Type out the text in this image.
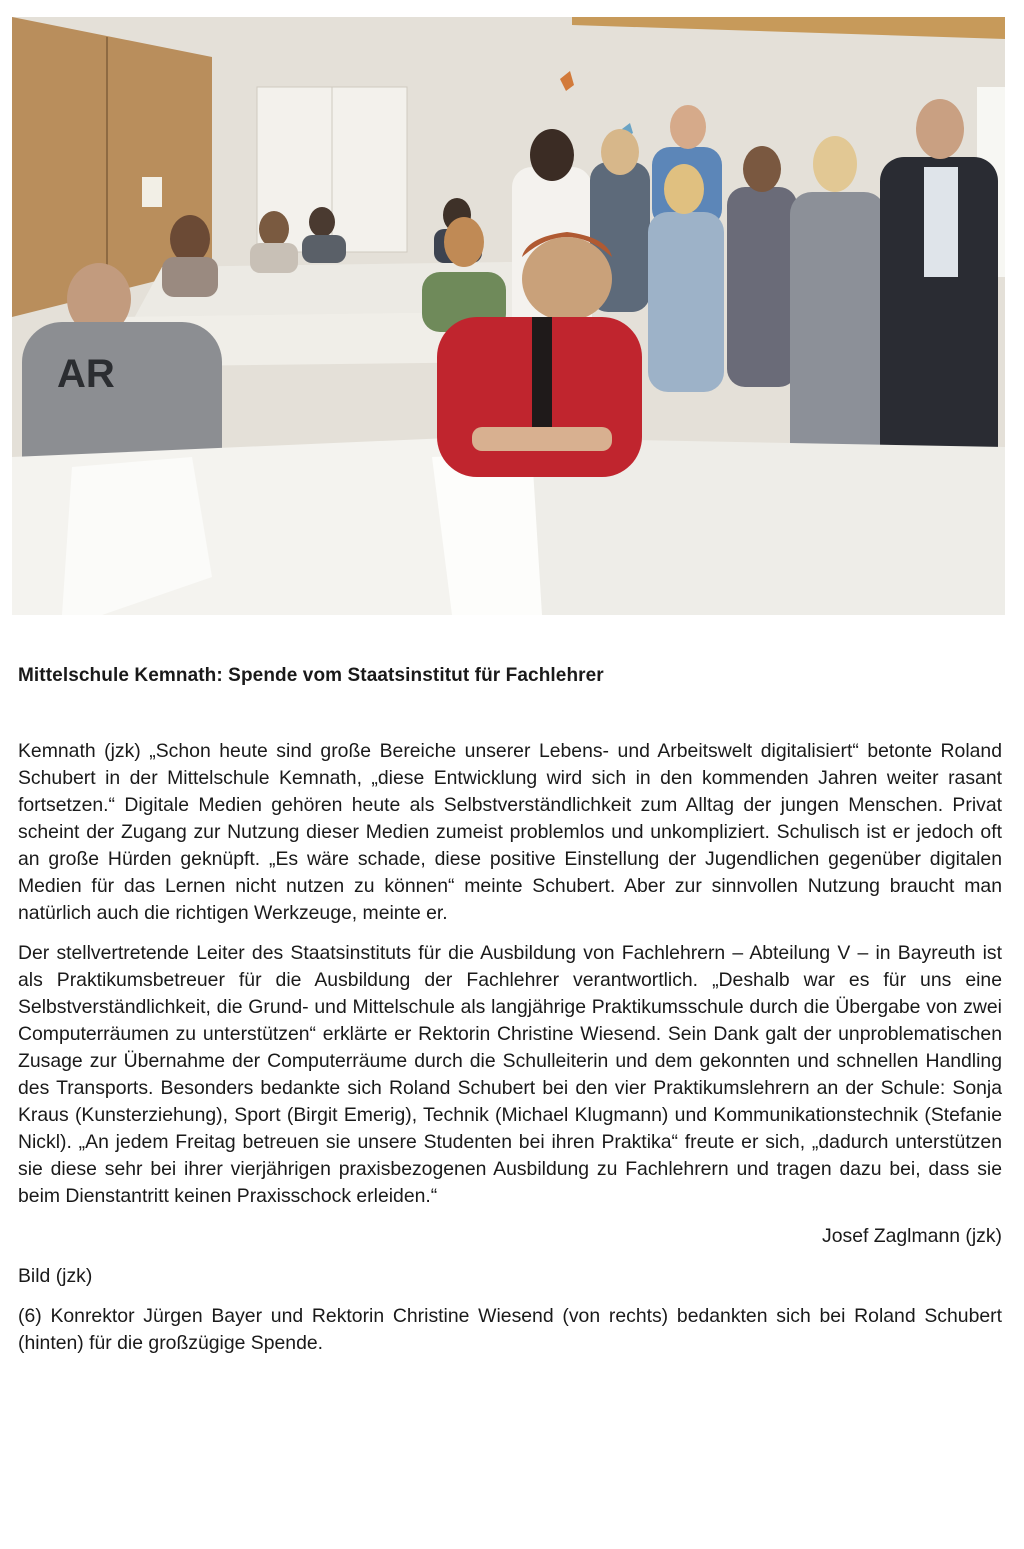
AR
Mittelschule Kemnath: Spende vom Staatsinstitut für Fachlehrer

Kemnath (jzk) „Schon heute sind große Bereiche unserer Lebens- und Arbeitswelt digitalisiert“ betonte Roland Schubert in der Mittelschule Kemnath, „diese Entwicklung wird sich in den kommenden Jahren weiter rasant fortsetzen.“ Digitale Medien gehören heute als Selbstverständlichkeit zum Alltag der jungen Menschen. Privat scheint der Zugang zur Nutzung dieser Medien zumeist problemlos und unkompliziert. Schulisch ist er jedoch oft an große Hürden geknüpft. „Es wäre schade, diese positive Einstellung der Jugendlichen gegenüber digitalen Medien für das Lernen nicht nutzen zu können“ meinte Schubert. Aber zur sinnvollen Nutzung braucht man natürlich auch die richtigen Werkzeuge, meinte er.

Der stellvertretende Leiter des Staatsinstituts für die Ausbildung von Fachlehrern – Abteilung V – in Bayreuth ist als Praktikumsbetreuer für die Ausbildung der Fachlehrer verantwortlich. „Deshalb war es für uns eine Selbstverständlichkeit, die Grund- und Mittelschule als langjährige Praktikumsschule durch die Übergabe von zwei Computerräumen zu unterstützen“ erklärte er Rektorin Christine Wiesend. Sein Dank galt der unproblematischen Zusage zur Übernahme der Computerräume durch die Schulleiterin und dem gekonnten und schnellen Handling des Transports. Besonders bedankte sich Roland Schubert bei den vier Praktikumslehrern an der Schule: Sonja Kraus (Kunsterziehung), Sport (Birgit Emerig), Technik (Michael Klugmann) und Kommunikationstechnik (Stefanie Nickl). „An jedem Freitag betreuen sie unsere Studenten bei ihren Praktika“ freute er sich, „dadurch unterstützen sie diese sehr bei ihrer vierjährigen praxisbezogenen Ausbildung zu Fachlehrern und tragen dazu bei, dass sie beim Dienstantritt keinen Praxisschock erleiden.“

Josef Zaglmann (jzk)
Bild (jzk)

(6) Konrektor Jürgen Bayer und Rektorin Christine Wiesend (von rechts) bedankten sich bei Roland Schubert (hinten) für die großzügige Spende.
